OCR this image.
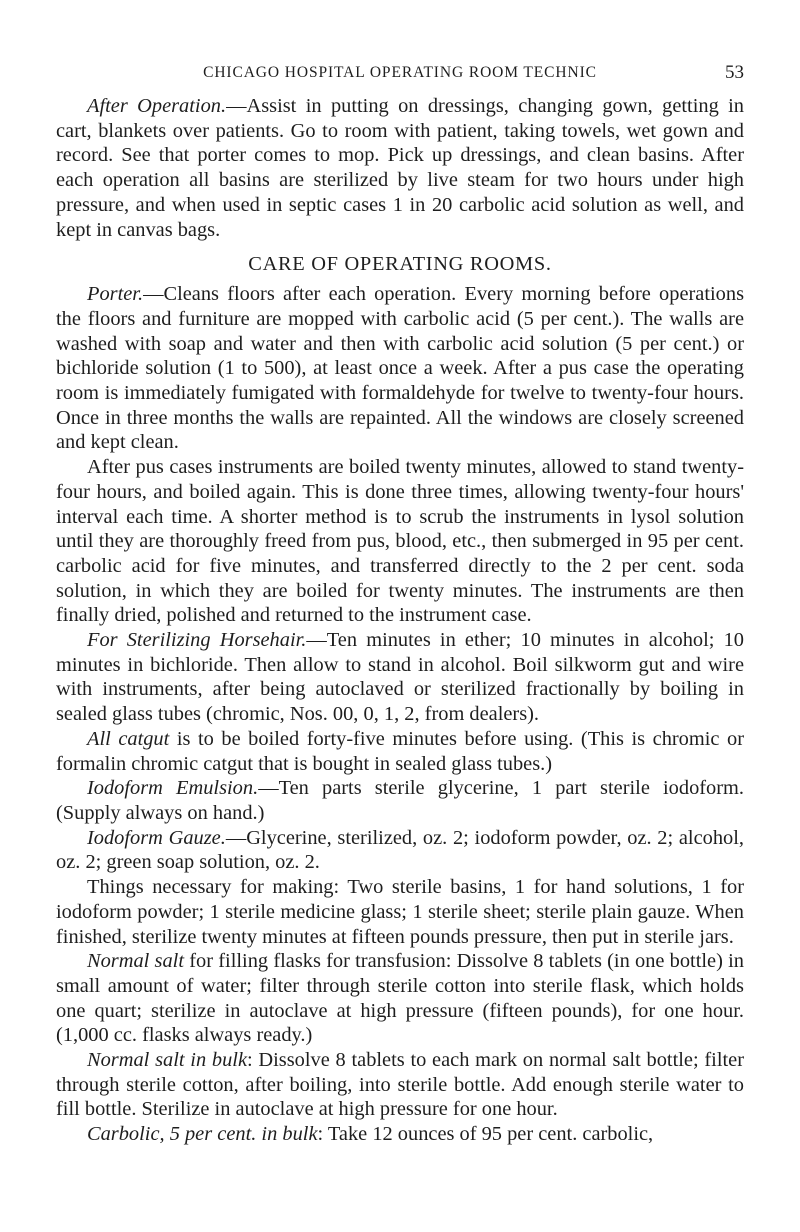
CHICAGO HOSPITAL OPERATING ROOM TECHNIC	53

After Operation.—Assist in putting on dressings, changing gown, getting in cart, blankets over patients. Go to room with patient, taking towels, wet gown and record. See that porter comes to mop. Pick up dressings, and clean basins. After each operation all basins are sterilized by live steam for two hours under high pressure, and when used in septic cases 1 in 20 carbolic acid solution as well, and kept in canvas bags.

CARE OF OPERATING ROOMS.

Porter.—Cleans floors after each operation. Every morning before operations the floors and furniture are mopped with carbolic acid (5 per cent.). The walls are washed with soap and water and then with carbolic acid solution (5 per cent.) or bichloride solution (1 to 500), at least once a week. After a pus case the operating room is immediately fumigated with formaldehyde for twelve to twenty-four hours. Once in three months the walls are repainted. All the windows are closely screened and kept clean.

After pus cases instruments are boiled twenty minutes, allowed to stand twenty-four hours, and boiled again. This is done three times, allowing twenty-four hours' interval each time. A shorter method is to scrub the instruments in lysol solution until they are thoroughly freed from pus, blood, etc., then submerged in 95 per cent. carbolic acid for five minutes, and transferred directly to the 2 per cent. soda solution, in which they are boiled for twenty minutes. The instruments are then finally dried, polished and returned to the instrument case.

For Sterilizing Horsehair.—Ten minutes in ether; 10 minutes in alcohol; 10 minutes in bichloride. Then allow to stand in alcohol. Boil silkworm gut and wire with instruments, after being autoclaved or sterilized fractionally by boiling in sealed glass tubes (chromic, Nos. 00, 0, 1, 2, from dealers).

All catgut is to be boiled forty-five minutes before using. (This is chromic or formalin chromic catgut that is bought in sealed glass tubes.)

Iodoform Emulsion.—Ten parts sterile glycerine, 1 part sterile iodoform. (Supply always on hand.)

Iodoform Gauze.—Glycerine, sterilized, oz. 2; iodoform powder, oz. 2; alcohol, oz. 2; green soap solution, oz. 2.

Things necessary for making: Two sterile basins, 1 for hand solutions, 1 for iodoform powder; 1 sterile medicine glass; 1 sterile sheet; sterile plain gauze. When finished, sterilize twenty minutes at fifteen pounds pressure, then put in sterile jars.

Normal salt for filling flasks for transfusion: Dissolve 8 tablets (in one bottle) in small amount of water; filter through sterile cotton into sterile flask, which holds one quart; sterilize in autoclave at high pressure (fifteen pounds), for one hour. (1,000 cc. flasks always ready.)

Normal salt in bulk: Dissolve 8 tablets to each mark on normal salt bottle; filter through sterile cotton, after boiling, into sterile bottle. Add enough sterile water to fill bottle. Sterilize in autoclave at high pressure for one hour.

Carbolic, 5 per cent. in bulk: Take 12 ounces of 95 per cent. carbolic,
